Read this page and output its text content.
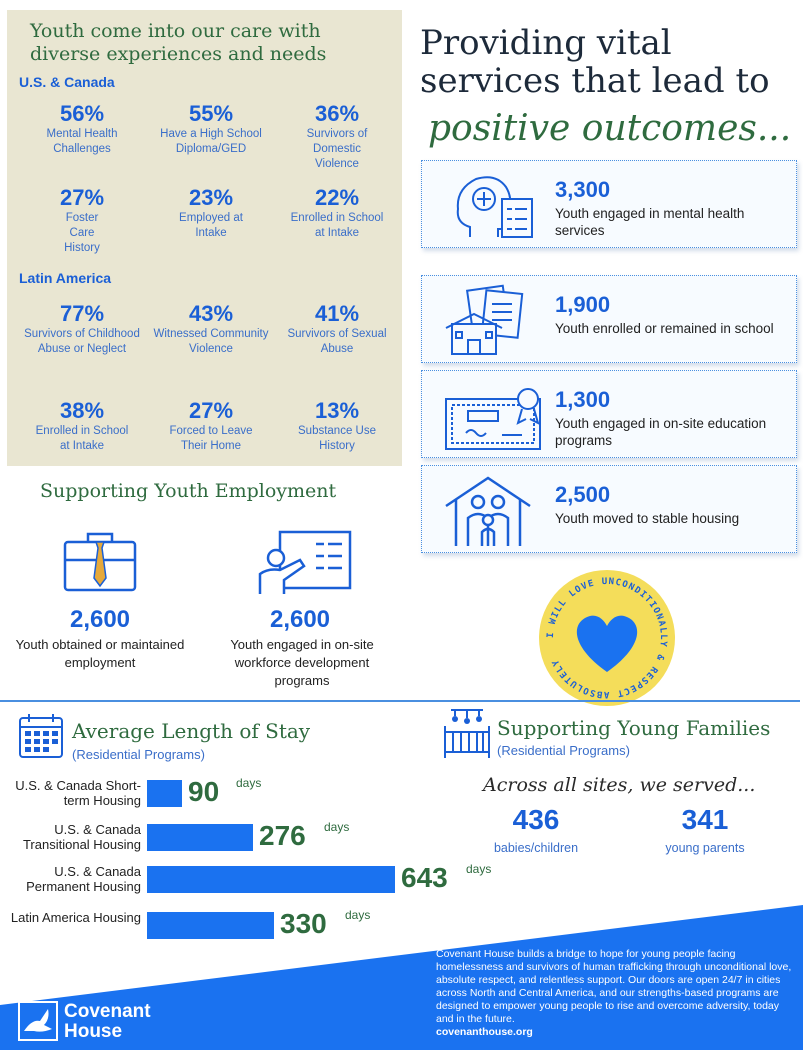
Youth come into our care with diverse experiences and needs
U.S. & Canada
Latin America
56%
Mental Health Challenges
55%
Have a High School Diploma/GED
36%
Survivors of Domestic Violence
27%
Foster Care History
23%
Employed at Intake
22%
Enrolled in School at Intake
77%
Survivors of Childhood Abuse or Neglect
43%
Witnessed Community Violence
41%
Survivors of Sexual Abuse
38%
Enrolled in School at Intake
27%
Forced to Leave Their Home
13%
Substance Use History
Providing vital services that lead to
positive outcomes...
3,300
Youth engaged in mental health services
1,900
Youth enrolled or remained in school
1,300
Youth engaged in on-site education programs
2,500
Youth moved to stable housing
Supporting Youth Employment
2,600
Youth obtained or maintained employment
2,600
Youth engaged in on-site workforce development programs
I WILL LOVE UNCONDITIONALLY & RESPECT ABSOLUTELY
Average Length of Stay
(Residential Programs)
U.S. & Canada Short-term Housing 90 days
U.S. & Canada Transitional Housing	276 days
U.S. & Canada Permanent Housing	643 days
Latin America Housing	330 days
Supporting Young Families
(Residential Programs)
Across all sites, we served...
436
babies/children
341
young parents
Covenant House builds a bridge to hope for young people facing homelessness and survivors of human trafficking through unconditional love, absolute respect, and relentless support. Our doors are open 24/7 in cities across North and Central America, and our strengths-based programs are designed to empower young people to rise and overcome adversity, today and in the future.
covenanthouse.org
Covenant
House
